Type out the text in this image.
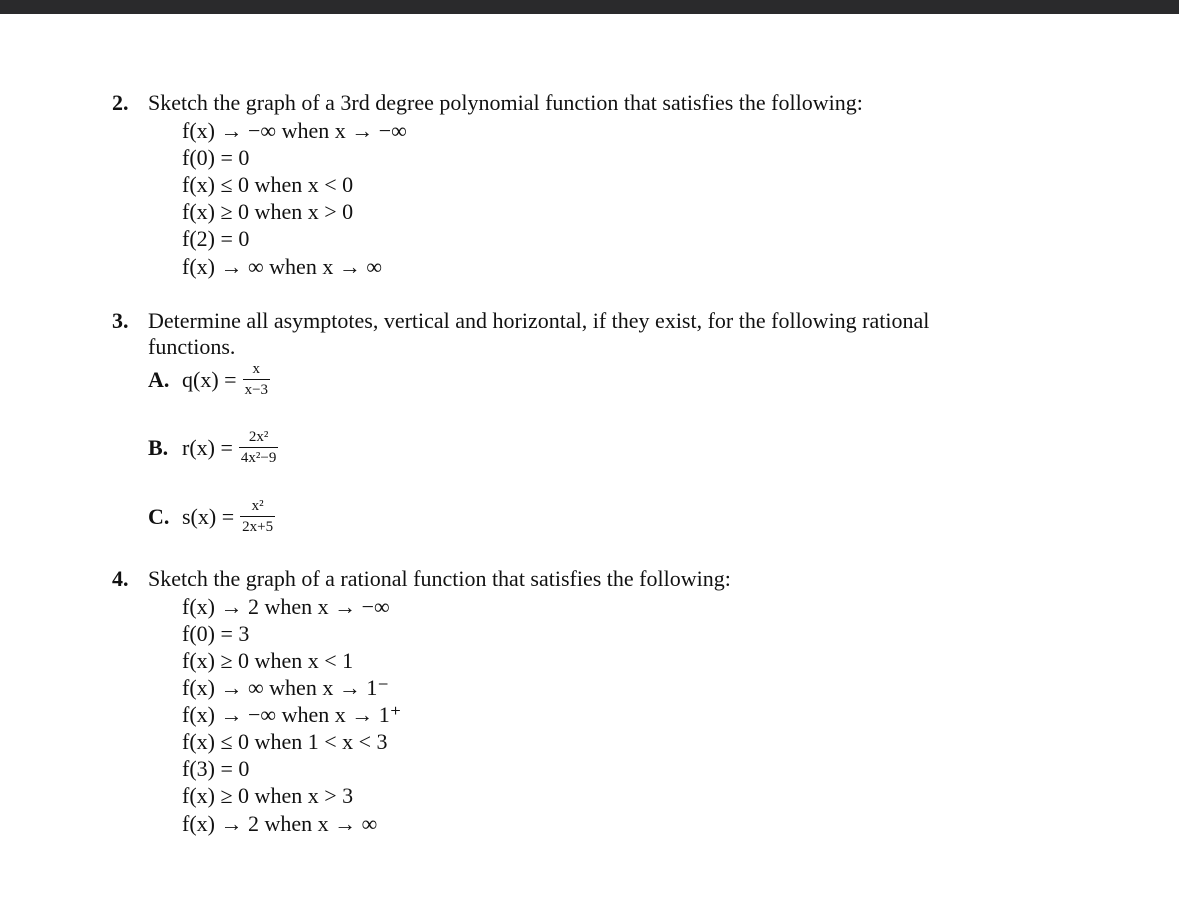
2. Sketch the graph of a 3rd degree polynomial function that satisfies the following:
f(x) → −∞ when x → −∞
f(0) = 0
f(x) ≤ 0 when x < 0
f(x) ≥ 0 when x > 0
f(2) = 0
f(x) → ∞ when x → ∞
3. Determine all asymptotes, vertical and horizontal, if they exist, for the following rational
functions.
A. $q(x) = \frac{x}{x-3}$
B. $r(x) = \frac{\text{2x²}}{\text{4x²−9}}$
C. $s(x) = \frac{\text{x²}}{2x+5}$
4. Sketch the graph of a rational function that satisfies the following:
f(x) → 2 when x → −∞
f(0) = 3
f(x) ≥ 0 when x < 1
f(x) → ∞ when x → 1⁻
f(x) → −∞ when x → 1⁺
f(x) ≤ 0 when 1 < x < 3
f(3) = 0
f(x) ≥ 0 when x > 3
f(x) → 2 when x → ∞
